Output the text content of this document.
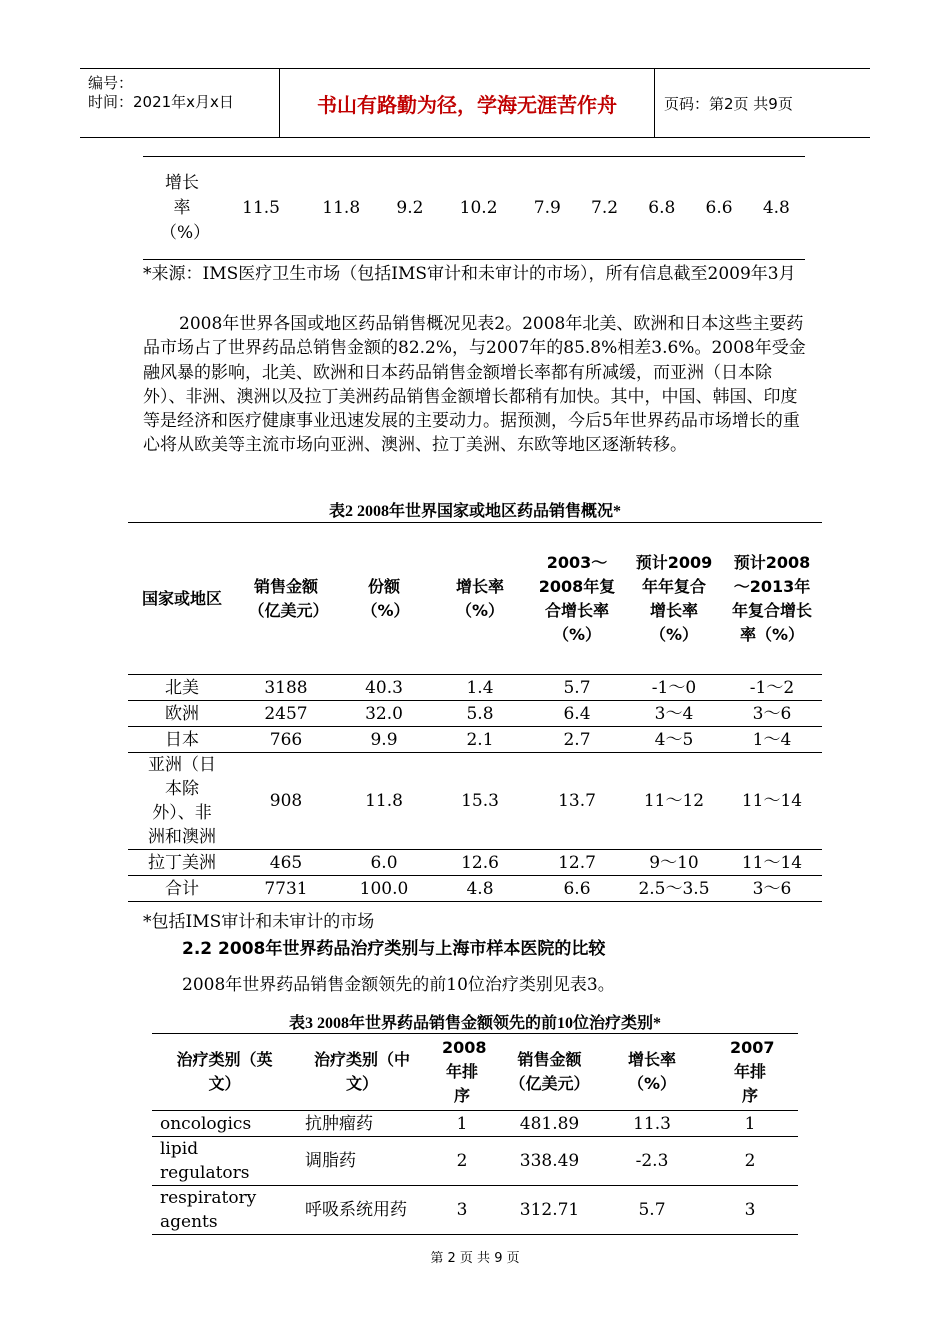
编号：
时间：2021年x月x日	书山有路勤为径，学海无涯苦作舟	页码：第2页 共9页
增长率（%）
	11.5	11.8	9.2	10.2	7.9	7.2	6.8	6.6	4.8
*来源：IMS医疗卫生市场（包括IMS审计和未审计的市场），所有信息截至2009年3月
2008年世界各国或地区药品销售概况见表2。2008年北美、欧洲和日本这些主要药品市场占了世界药品总销售金额的82.2%，与2007年的85.8%相差3.6%。2008年受金融风暴的影响，北美、欧洲和日本药品销售金额增长率都有所减缓，而亚洲（日本除外）、非洲、澳洲以及拉丁美洲药品销售金额增长都稍有加快。其中，中国、韩国、印度等是经济和医疗健康事业迅速发展的主要动力。据预测，今后5年世界药品市场增长的重心将从欧美等主流市场向亚洲、澳洲、拉丁美洲、东欧等地区逐渐转移。
表2 2008年世界国家或地区药品销售概况*
国家或地区	销售金额（亿美元）	份额（%）	增长率（%）	2003～2008年复合增长率（%）	预计2009年年复合增长率（%）	预计2008～2013年年复合增长率（%）

北美	3188	40.3	1.4	5.7	-1～0	-1～2

欧洲	2457	32.0	5.8	6.4	3～4	3～6

日本	766	9.9	2.1	2.7	4～5	1～4

亚洲（日本除外）、非洲和澳洲	908	11.8	15.3	13.7	11～12	11～14

拉丁美洲	465	6.0	12.6	12.7	9～10	11～14

合计	7731	100.0	4.8	6.6	2.5～3.5	3～6
*包括IMS审计和未审计的市场
2.2 2008年世界药品治疗类别与上海市样本医院的比较
2008年世界药品销售金额领先的前10位治疗类别见表3。
表3 2008年世界药品销售金额领先的前10位治疗类别*
治疗类别（英文）	治疗类别（中文）	2008年排序	销售金额（亿美元）	增长率（%）	2007年排序

oncologics	抗肿瘤药	1	481.89	11.3	1

lipid regulators	调脂药	2	338.49	-2.3	2

respiratory agents	呼吸系统用药	3	312.71	5.7	3
第 2 页 共 9 页
